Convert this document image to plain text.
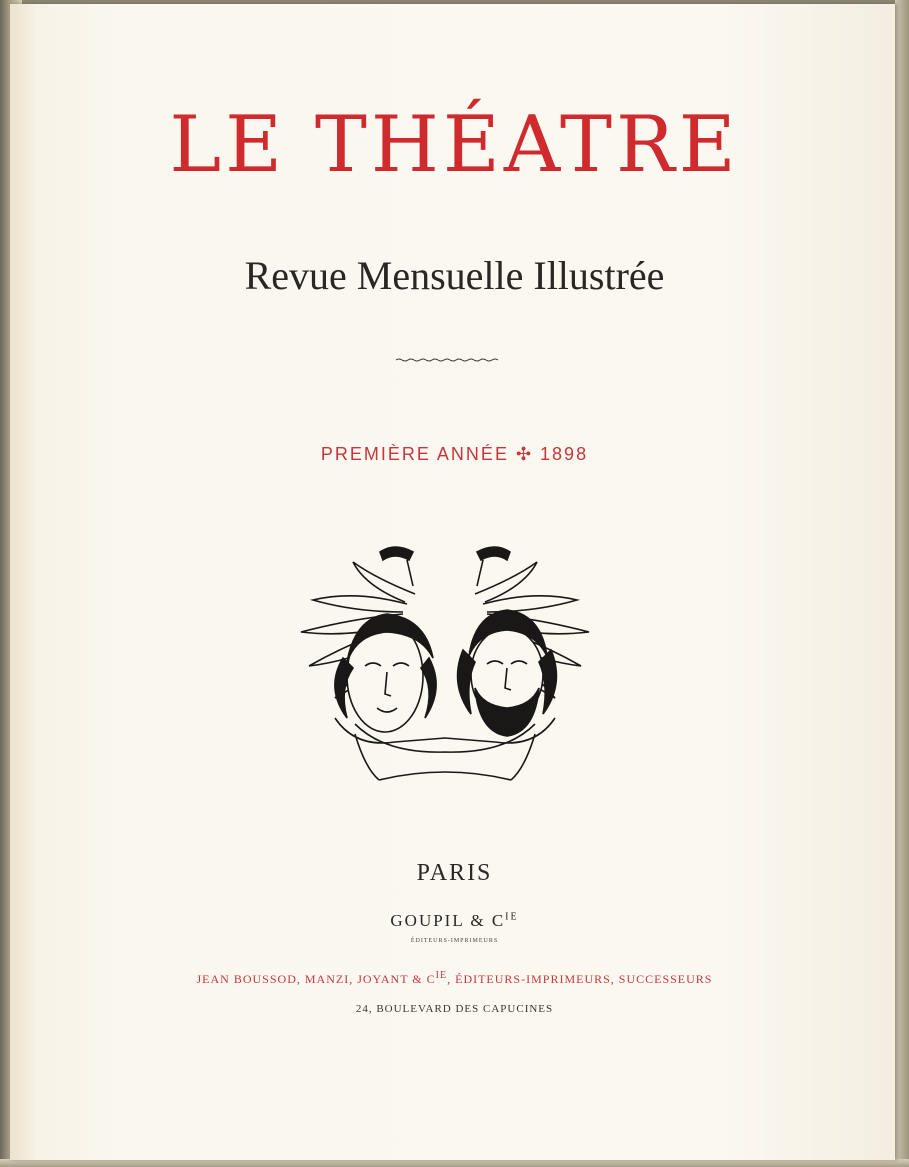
LE THÉATRE
Revue Mensuelle Illustrée
PREMIÈRE ANNÉE ✣ 1898
PARIS
GOUPIL & $C^{IE}$
ÉDITEURS-IMPRIMEURS
JEAN BOUSSOD, MANZI, JOYANT & $C^{IE}$, ÉDITEURS-IMPRIMEURS, SUCCESSEURS
24, BOULEVARD DES CAPUCINES
